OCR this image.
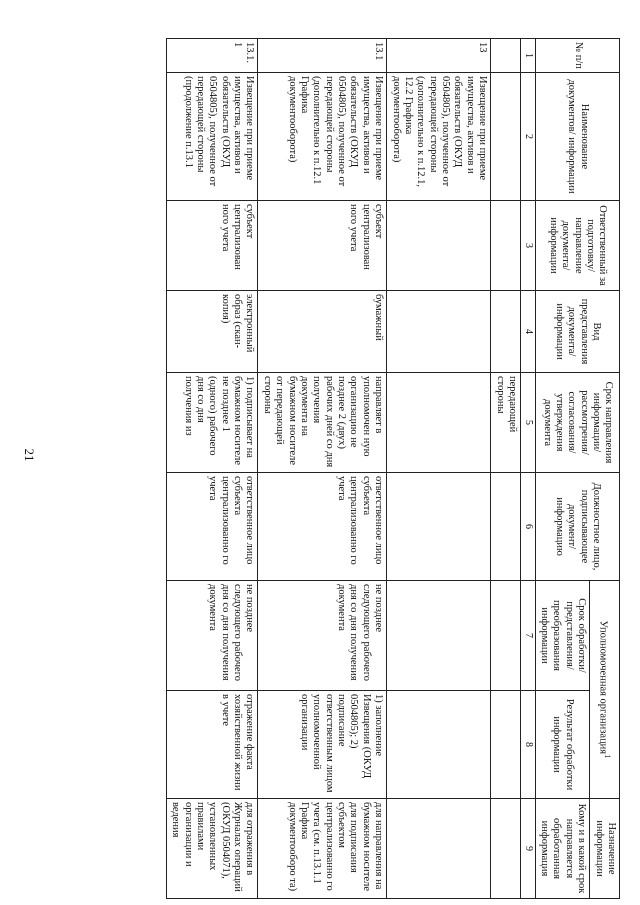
21
№ п/п	Наименование документов/ информации	Ответственный за подготовку/ направление документа/ информации	Вид представления документа/ информации	Срок направления информации/ рассмотрения/ согласования/ утверждения документа	Должностное лицо, подписывающее документ/ информацию	Уполномоченная организация$^1$		Назначение информации
						Срок обработки/ представления/ преобразования информации	Результат обработки информации	Кому и в какой срок направляется обработанная информация
1	2	3	4	5	6	7	8	9
				передающей стороны				
13	Извещение при приеме имущества, активов и обязательств (ОКУД 0504805), полученное от передающей стороны (дополнительно к п.12.1, 12.2 Графика документооборота)							
13.1	Извещение при приеме имущества, активов и обязательств (ОКУД 0504805), полученное от передающей стороны (дополнительно к п.12.1 Графика документооборота)	субъект централизован ного учета	бумажный	направляет в уполномочен ную организацию не позднее 2 (двух) рабочих дней со дня получения документа на бумажном носителе от передающей стороны	ответственное лицо субъекта централизованно го учета	не позднее следующего рабочего дня со дня получения документа	1) заполнение Извещения (ОКУД 0504805); 2) подписание ответственным лицом уполномоченной организации	для направления на бумажном носителе для подписания субъектом централизованно го учета (см. п.13.1.1 Графика документооборо та)
13.1. 1	Извещение при приеме имущества, активов и обязательств (ОКУД 0504805), полученное от передающей стороны (продолжение п.13.1	субъект централизован ного учета	электронный образ (скан-копия)	1) подписывает на бумажном носителе не позднее 1 (одного) рабочего дня со дня получения из	ответственное лицо субъекта централизованно го учета	не позднее следующего рабочего дня со дня получения документа	отражение факта хозяйственной жизни в учете	для отражения в Журналах операций (ОКУД 0504071), установленных правилами организации и ведения
